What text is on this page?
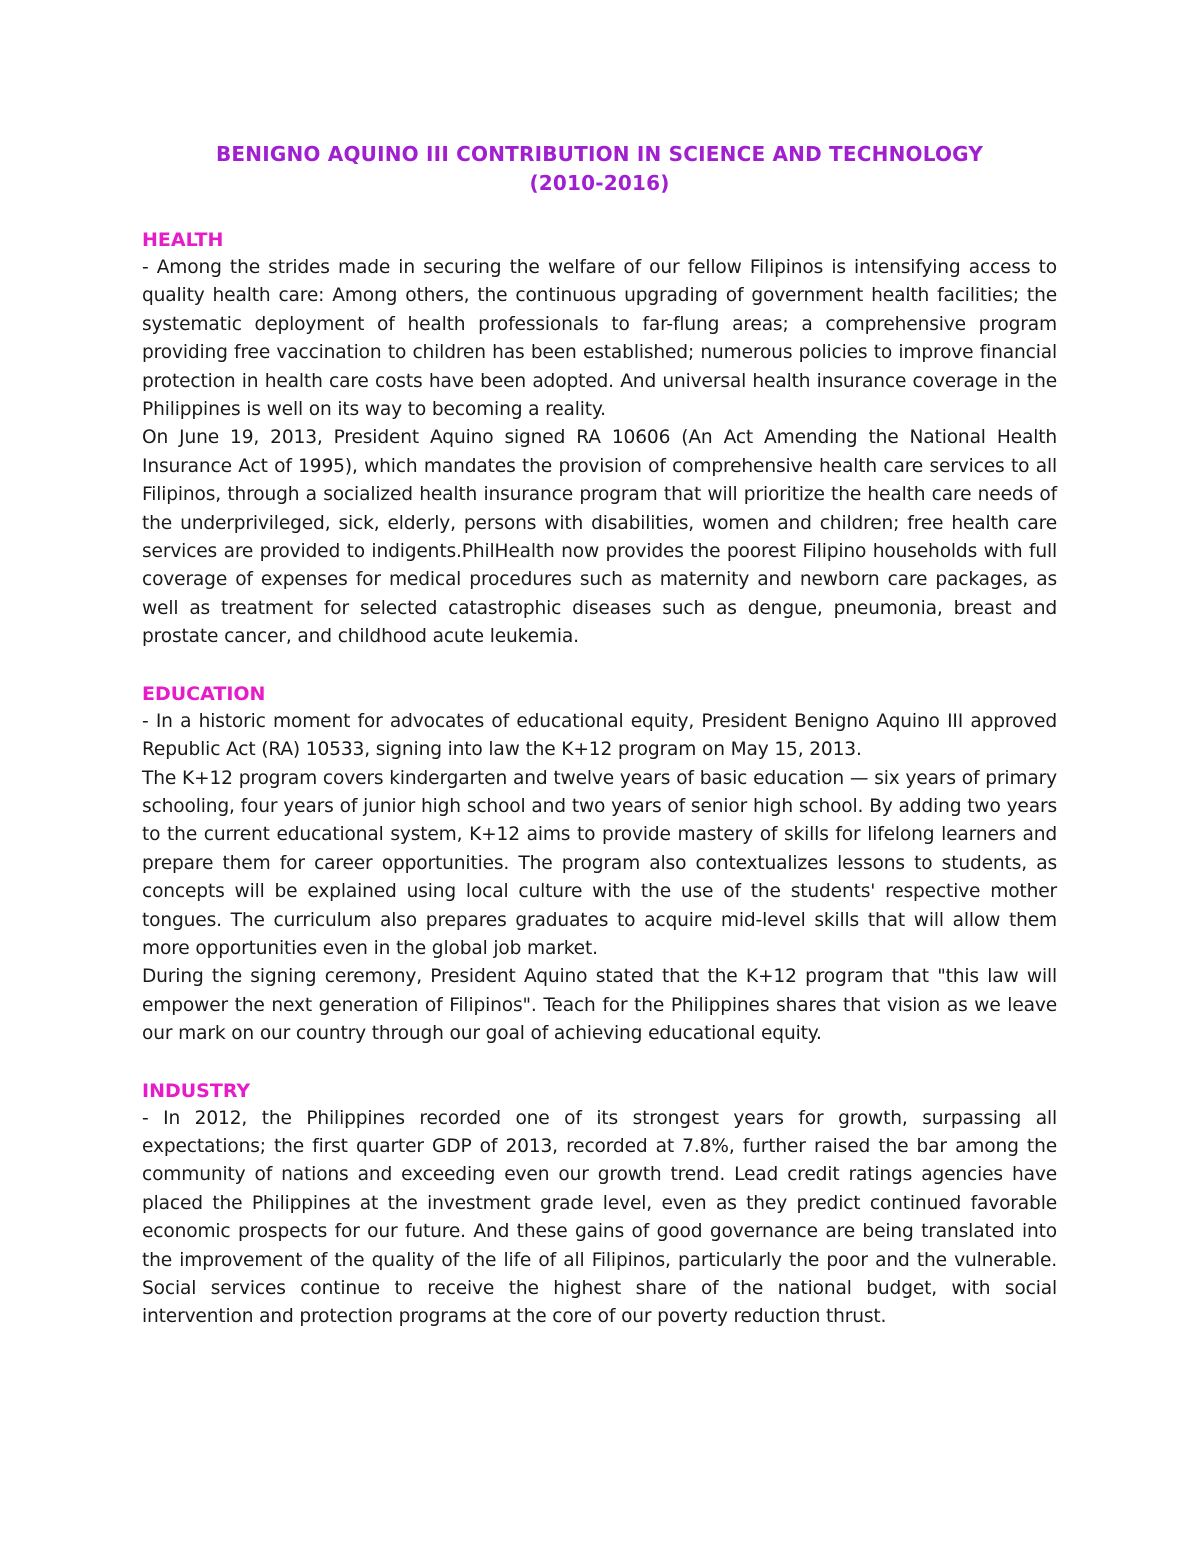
BENIGNO AQUINO III CONTRIBUTION IN SCIENCE AND TECHNOLOGY
(2010-2016)
HEALTH

- Among the strides made in securing the welfare of our fellow Filipinos is intensifying access to quality health care: Among others, the continuous upgrading of government health facilities; the systematic deployment of health professionals to far-flung areas; a comprehensive program providing free vaccination to children has been established; numerous policies to improve financial protection in health care costs have been adopted. And universal health insurance coverage in the Philippines is well on its way to becoming a reality.

On June 19, 2013, President Aquino signed RA 10606 (An Act Amending the National Health Insurance Act of 1995), which mandates the provision of comprehensive health care services to all Filipinos, through a socialized health insurance program that will prioritize the health care needs of the underprivileged, sick, elderly, persons with disabilities, women and children; free health care services are provided to indigents.PhilHealth now provides the poorest Filipino households with full coverage of expenses for medical procedures such as maternity and newborn care packages, as well as treatment for selected catastrophic diseases such as dengue, pneumonia, breast and prostate cancer, and childhood acute leukemia.

EDUCATION

- In a historic moment for advocates of educational equity, President Benigno Aquino III approved Republic Act (RA) 10533, signing into law the K+12 program on May 15, 2013.

The K+12 program covers kindergarten and twelve years of basic education — six years of primary schooling, four years of junior high school and two years of senior high school. By adding two years to the current educational system, K+12 aims to provide mastery of skills for lifelong learners and prepare them for career opportunities. The program also contextualizes lessons to students, as concepts will be explained using local culture with the use of the students' respective mother tongues. The curriculum also prepares graduates to acquire mid-level skills that will allow them more opportunities even in the global job market.

During the signing ceremony, President Aquino stated that the K+12 program that "this law will empower the next generation of Filipinos". Teach for the Philippines shares that vision as we leave our mark on our country through our goal of achieving educational equity.

INDUSTRY

- In 2012, the Philippines recorded one of its strongest years for growth, surpassing all expectations; the first quarter GDP of 2013, recorded at 7.8%, further raised the bar among the community of nations and exceeding even our growth trend. Lead credit ratings agencies have placed the Philippines at the investment grade level, even as they predict continued favorable economic prospects for our future. And these gains of good governance are being translated into the improvement of the quality of the life of all Filipinos, particularly the poor and the vulnerable. Social services continue to receive the highest share of the national budget, with social intervention and protection programs at the core of our poverty reduction thrust.
